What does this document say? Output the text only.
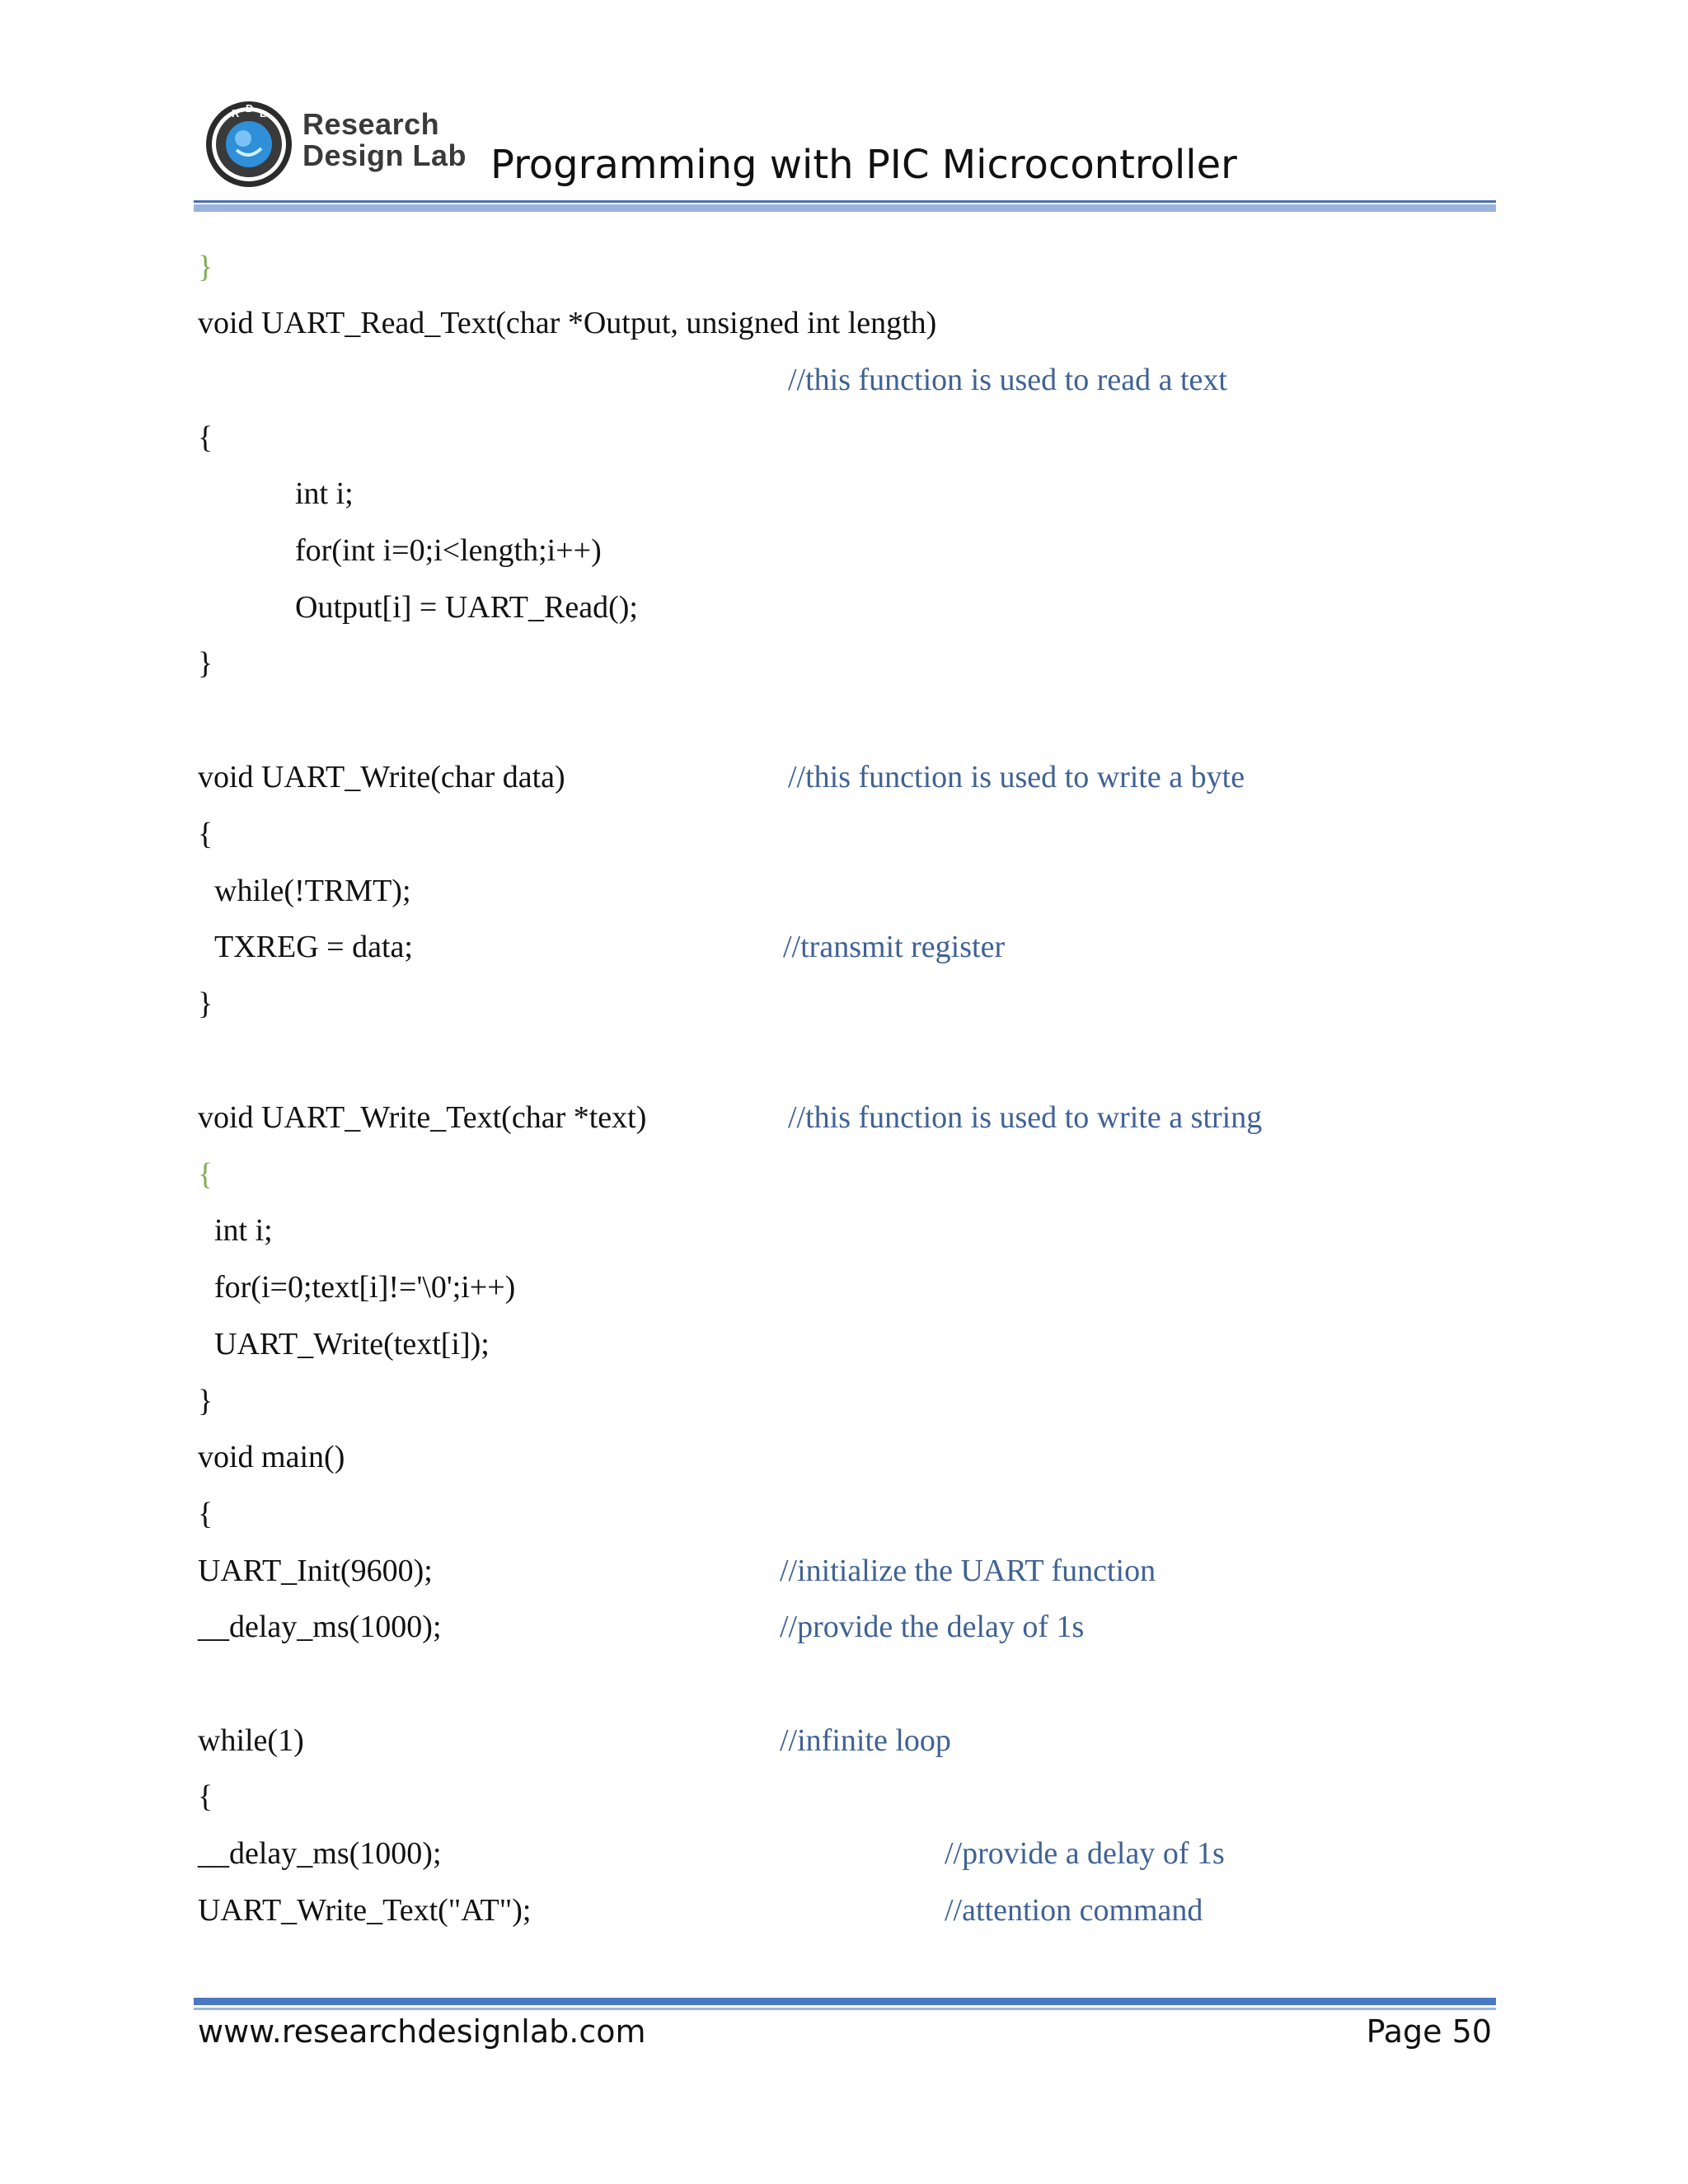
R D L Research
Design Lab Programming with PIC Microcontroller
}
void UART_Read_Text(char *Output, unsigned int length)
//this function is used to read a text
{
int i;
for(int i=0;i<length;i++)
Output[i] = UART_Read();
}
void UART_Write(char data)	//this function is used to write a byte
{
while(!TRMT);
TXREG = data;	//transmit register
}
void UART_Write_Text(char *text)	//this function is used to write a string
{
int i;
for(i=0;text[i]!='\0';i++)
UART_Write(text[i]);
}
void main()
{
UART_Init(9600);	//initialize the UART function
__delay_ms(1000);	//provide the delay of 1s
while(1)	//infinite loop
{
__delay_ms(1000);	//provide a delay of 1s
UART_Write_Text("AT");	//attention command
www.researchdesignlab.com	Page 50
